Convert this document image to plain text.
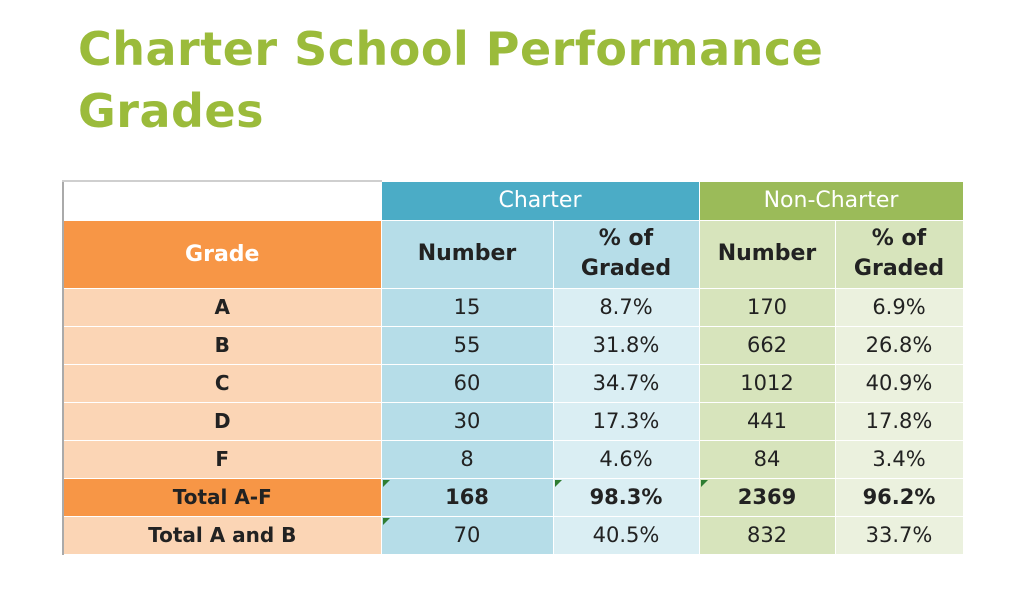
Charter School Performance Grades
	Charter		Non-Charter	
Grade	Number	% of Graded	Number	% of Graded
A	15	8.7%	170	6.9%
B	55	31.8%	662	26.8%
C	60	34.7%	1012	40.9%
D	30	17.3%	441	17.8%
F	8	4.6%	84	3.4%
Total A-F	168	98.3%	2369	96.2%
Total A and B	70	40.5%	832	33.7%
